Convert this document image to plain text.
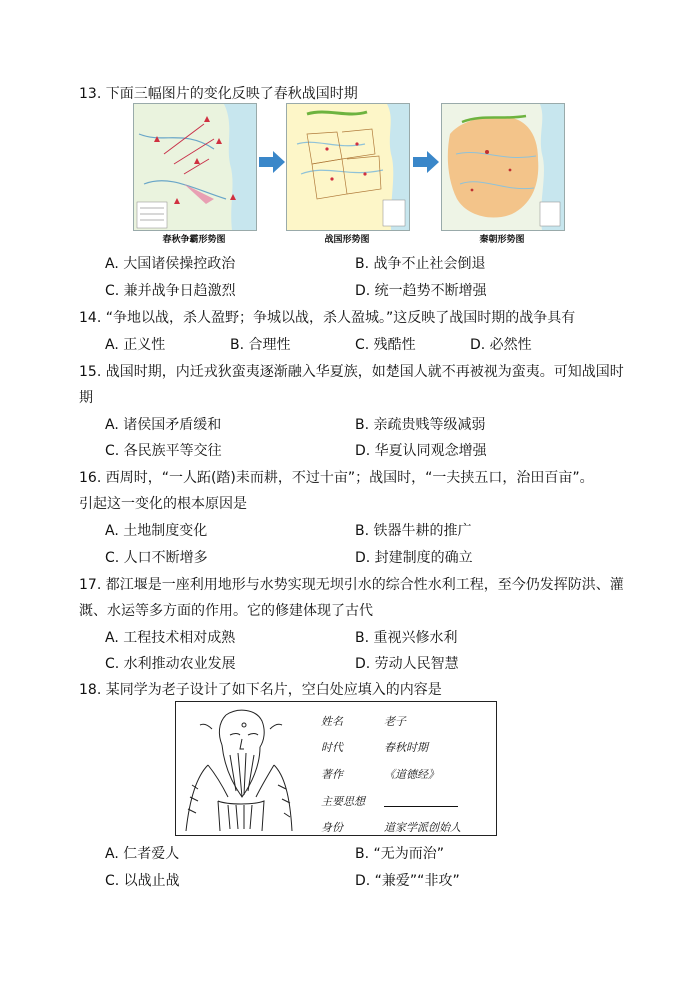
13. 下面三幅图片的变化反映了春秋战国时期
春秋争霸形势图	战国形势图	秦朝形势图
A. 大国诸侯操控政治	B. 战争不止社会倒退
C. 兼并战争日趋激烈	D. 统一趋势不断增强
14. “争地以战，杀人盈野；争城以战，杀人盈城。”这反映了战国时期的战争具有
A. 正义性	B. 合理性	C. 残酷性	D. 必然性
15. 战国时期，内迁戎狄蛮夷逐渐融入华夏族，如楚国人就不再被视为蛮夷。可知战国时
期
A. 诸侯国矛盾缓和	B. 亲疏贵贱等级减弱
C. 各民族平等交往	D. 华夏认同观念增强
16. 西周时，“一人跖(踏)耒而耕，不过十亩”；战国时，“一夫挟五口，治田百亩”。
引起这一变化的根本原因是
A. 土地制度变化	B. 铁器牛耕的推广
C. 人口不断增多	D. 封建制度的确立
17. 都江堰是一座利用地形与水势实现无坝引水的综合性水利工程，至今仍发挥防洪、灌
溉、水运等多方面的作用。它的修建体现了古代
A. 工程技术相对成熟	B. 重视兴修水利
C. 水利推动农业发展	D. 劳动人民智慧
18. 某同学为老子设计了如下名片，空白处应填入的内容是
姓名	老子
时代	春秋时期
著作	《道德经》
主要思想
身份	道家学派创始人
A. 仁者爱人	B. “无为而治”
C. 以战止战	D. “兼爱”“非攻”
